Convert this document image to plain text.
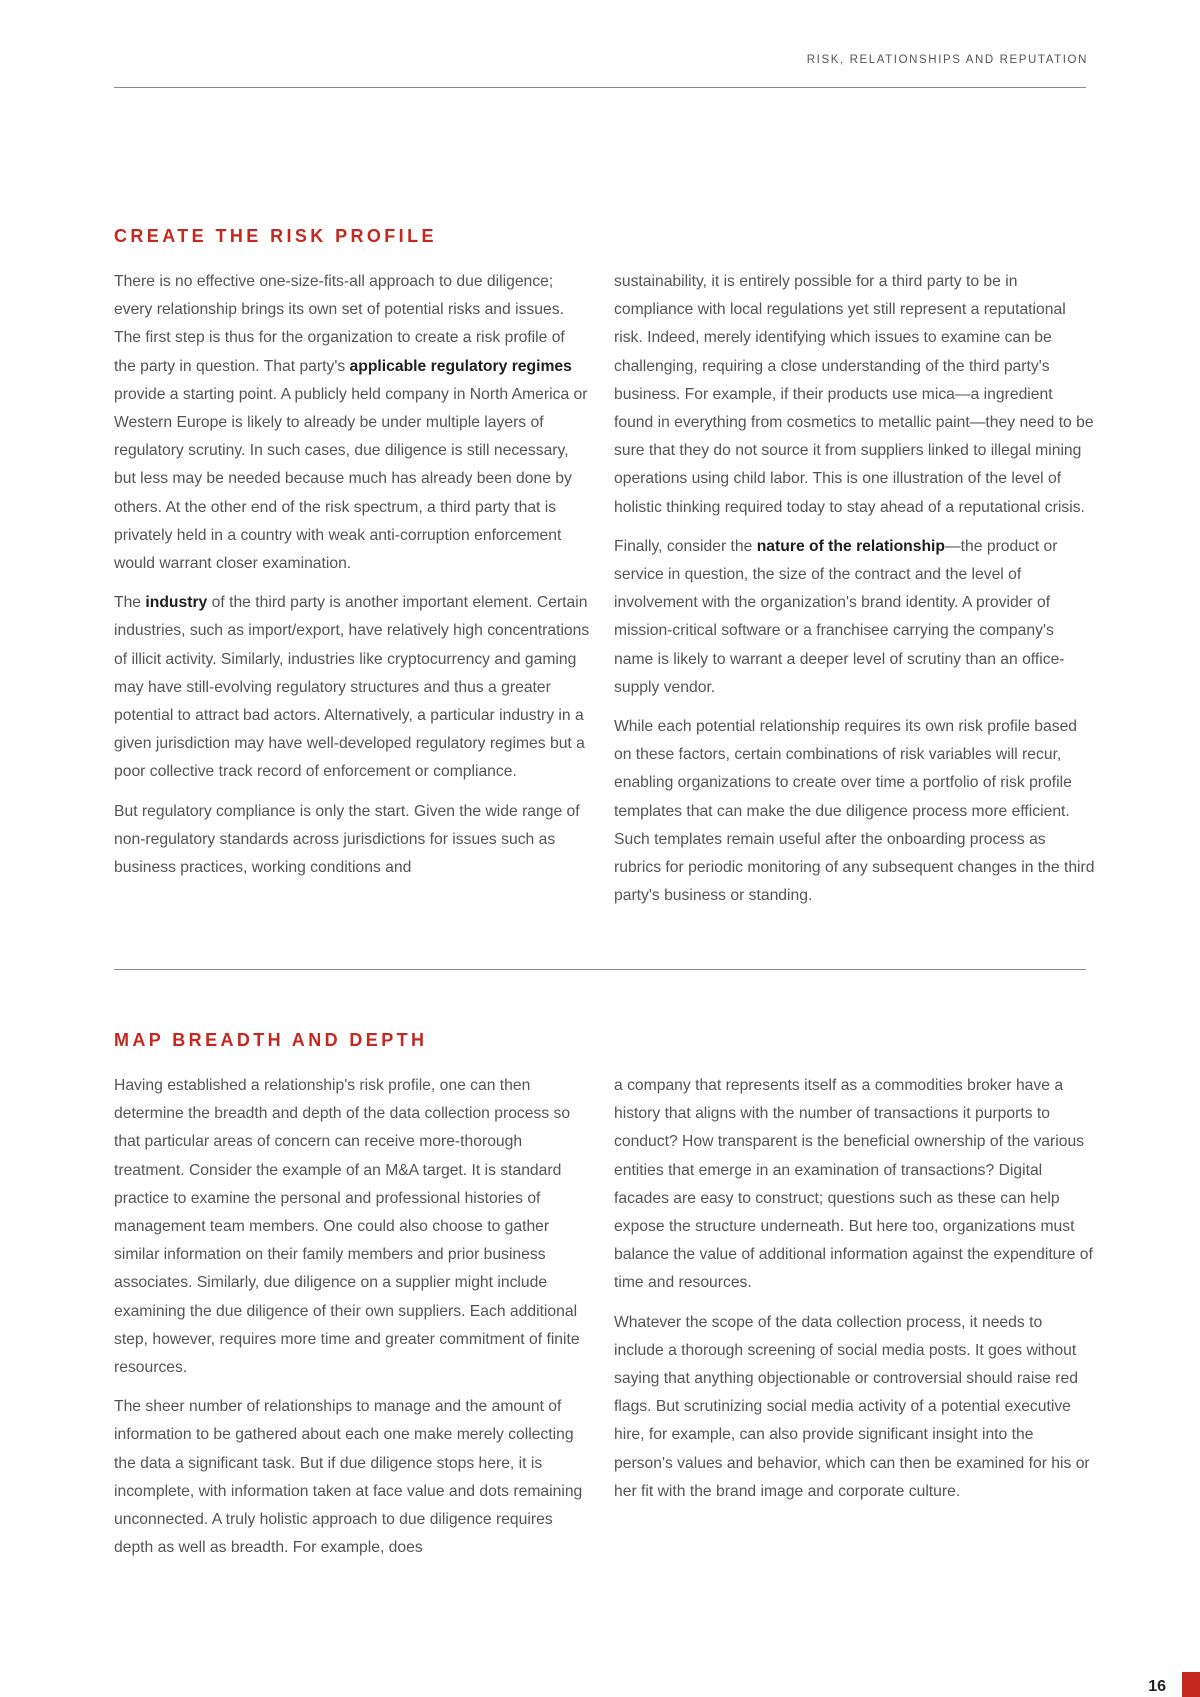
RISK, RELATIONSHIPS AND REPUTATION
CREATE THE RISK PROFILE

There is no effective one-size-fits-all approach to due diligence; every relationship brings its own set of potential risks and issues. The first step is thus for the organization to create a risk profile of the party in question. That party's applicable regulatory regimes provide a starting point. A publicly held company in North America or Western Europe is likely to already be under multiple layers of regulatory scrutiny. In such cases, due diligence is still necessary, but less may be needed because much has already been done by others. At the other end of the risk spectrum, a third party that is privately held in a country with weak anti-corruption enforcement would warrant closer examination.

The industry of the third party is another important element. Certain industries, such as import/export, have relatively high concentrations of illicit activity. Similarly, industries like cryptocurrency and gaming may have still-evolving regulatory structures and thus a greater potential to attract bad actors. Alternatively, a particular industry in a given jurisdiction may have well-developed regulatory regimes but a poor collective track record of enforcement or compliance.

But regulatory compliance is only the start. Given the wide range of non-regulatory standards across jurisdictions for issues such as business practices, working conditions and

sustainability, it is entirely possible for a third party to be in compliance with local regulations yet still represent a reputational risk. Indeed, merely identifying which issues to examine can be challenging, requiring a close understanding of the third party's business. For example, if their products use mica—a ingredient found in everything from cosmetics to metallic paint—they need to be sure that they do not source it from suppliers linked to illegal mining operations using child labor. This is one illustration of the level of holistic thinking required today to stay ahead of a reputational crisis.

Finally, consider the nature of the relationship—the product or service in question, the size of the contract and the level of involvement with the organization's brand identity. A provider of mission-critical software or a franchisee carrying the company's name is likely to warrant a deeper level of scrutiny than an office-supply vendor.

While each potential relationship requires its own risk profile based on these factors, certain combinations of risk variables will recur, enabling organizations to create over time a portfolio of risk profile templates that can make the due diligence process more efficient. Such templates remain useful after the onboarding process as rubrics for periodic monitoring of any subsequent changes in the third party's business or standing.

MAP BREADTH AND DEPTH

Having established a relationship's risk profile, one can then determine the breadth and depth of the data collection process so that particular areas of concern can receive more-thorough treatment. Consider the example of an M&A target. It is standard practice to examine the personal and professional histories of management team members. One could also choose to gather similar information on their family members and prior business associates. Similarly, due diligence on a supplier might include examining the due diligence of their own suppliers. Each additional step, however, requires more time and greater commitment of finite resources.

The sheer number of relationships to manage and the amount of information to be gathered about each one make merely collecting the data a significant task. But if due diligence stops here, it is incomplete, with information taken at face value and dots remaining unconnected. A truly holistic approach to due diligence requires depth as well as breadth. For example, does

a company that represents itself as a commodities broker have a history that aligns with the number of transactions it purports to conduct? How transparent is the beneficial ownership of the various entities that emerge in an examination of transactions? Digital facades are easy to construct; questions such as these can help expose the structure underneath. But here too, organizations must balance the value of additional information against the expenditure of time and resources.

Whatever the scope of the data collection process, it needs to include a thorough screening of social media posts. It goes without saying that anything objectionable or controversial should raise red flags. But scrutinizing social media activity of a potential executive hire, for example, can also provide significant insight into the person's values and behavior, which can then be examined for his or her fit with the brand image and corporate culture.

16
